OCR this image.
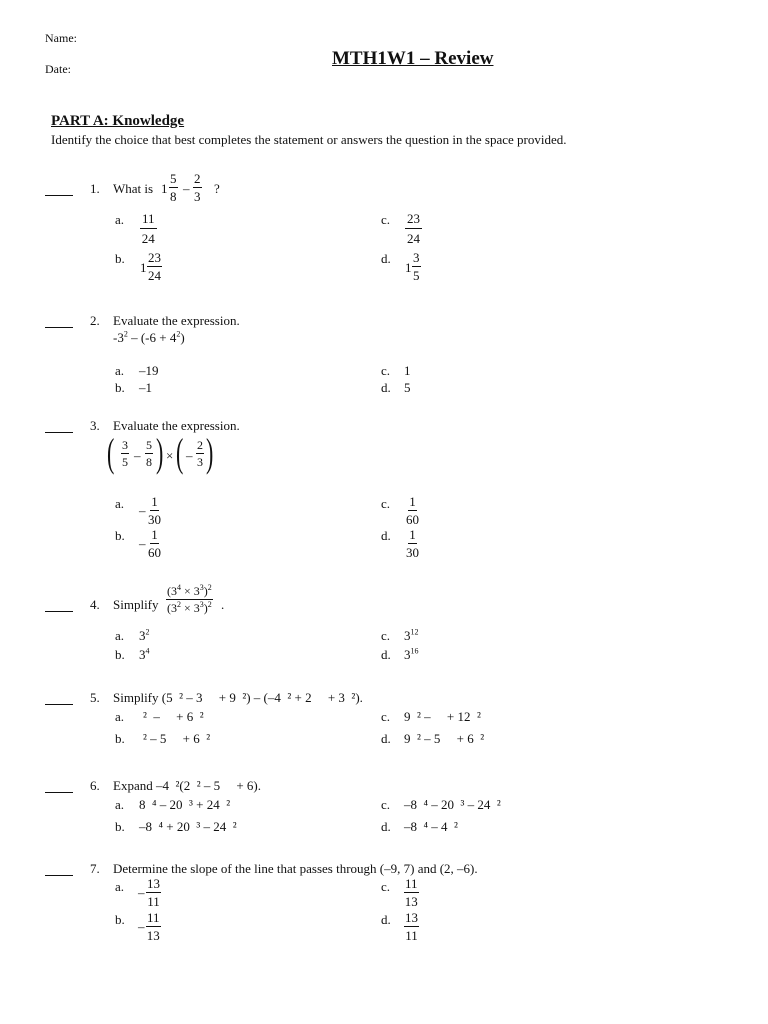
Name:
Date:	MTH1W1 – Review
PART A: Knowledge
Identify the choice that best completes the statement or answers the question in the space provided.
1. What is $1 \frac{5}{8} - \frac{2}{3}$ ?
a. $\frac{11}{24}$
b.
$1 \frac{23}{24}$
c. $\frac{23}{24}$
d.
$1 \frac{3}{5}$
2. Evaluate the expression.
$-3^2 - (-6 + 4^2)$
a. –19
b. –1
c. 1
d. 5
3. Evaluate the expression.
( $\frac{3}{5} - \frac{5}{8}$ ) × ( – $\frac{2}{3}$ )
a. – $\frac{1}{30}$
b.
– $\frac{1}{60}$
c. $\frac{1}{60}$
d. $\frac{1}{30}$
4. Simplify $\frac{(3^4 \times 3^3)^2}{(3^2 \times 3^3)^2}$ .
a. $3^2$
b. $3^4$
c. $3^{12}$
d. $3^{16}$
5. Simplify (5  ² – 3     + 9  ²) – (–4  ² + 2     + 3  ²).
a. ²  –     + 6  ²
b. ² – 5     + 6  ²
c. 9  ² –     + 12  ²
d. 9  ² – 5     + 6  ²
6. Expand –4  ²(2  ² – 5     + 6).
a. 8  ⁴ – 20  ³ + 24  ²
b. –8  ⁴ + 20  ³ – 24  ²
c. –8  ⁴ – 20  ³ – 24  ²
d. –8  ⁴ – 4  ²
7. Determine the slope of the line that passes through (–9, 7) and (2, –6).
a. – $\frac{13}{11}$
b. – $\frac{11}{13}$
c. $\frac{11}{13}$
d. $\frac{13}{11}$
